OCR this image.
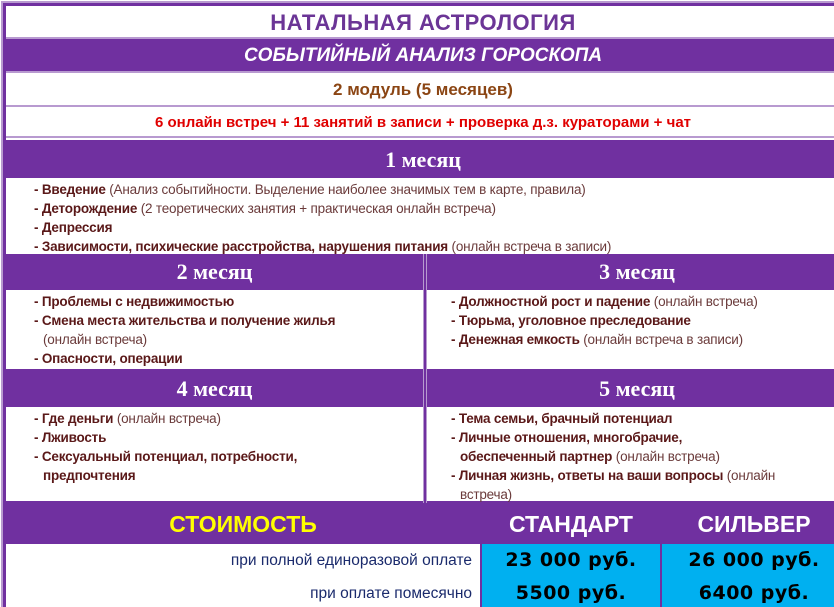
НАТАЛЬНАЯ АСТРОЛОГИЯ
СОБЫТИЙНЫЙ АНАЛИЗ ГОРОСКОПА
2 модуль (5 месяцев)
6 онлайн встреч + 11 занятий в записи + проверка д.з. кураторами + чат
1 месяц
- Введение (Анализ событийности. Выделение наиболее значимых тем в карте, правила)
- Деторождение (2 теоретических занятия + практическая онлайн встреча)
- Депрессия
- Зависимости, психические расстройства, нарушения питания (онлайн встреча в записи)
2 месяц
- Проблемы с недвижимостью
- Смена места жительства и получение жилья
(онлайн встреча)
- Опасности, операции
3 месяц
- Должностной рост и падение (онлайн встреча)
- Тюрьма, уголовное преследование
- Денежная емкость (онлайн встреча в записи)
4 месяц
- Где деньги (онлайн встреча)
- Лживость
- Сексуальный потенциал, потребности,
предпочтения
5 месяц
- Тема семьи, брачный потенциал
- Личные отношения, многобрачие,
обеспеченный партнер (онлайн встреча)
- Личная жизнь, ответы на ваши вопросы (онлайн
встреча)
СТОИМОСТЬ	СТАНДАРТ	СИЛЬВЕР
при полной единоразовой оплате	23 000 руб.	26 000 руб.
при оплате помесячно	5500 руб.	6400 руб.
